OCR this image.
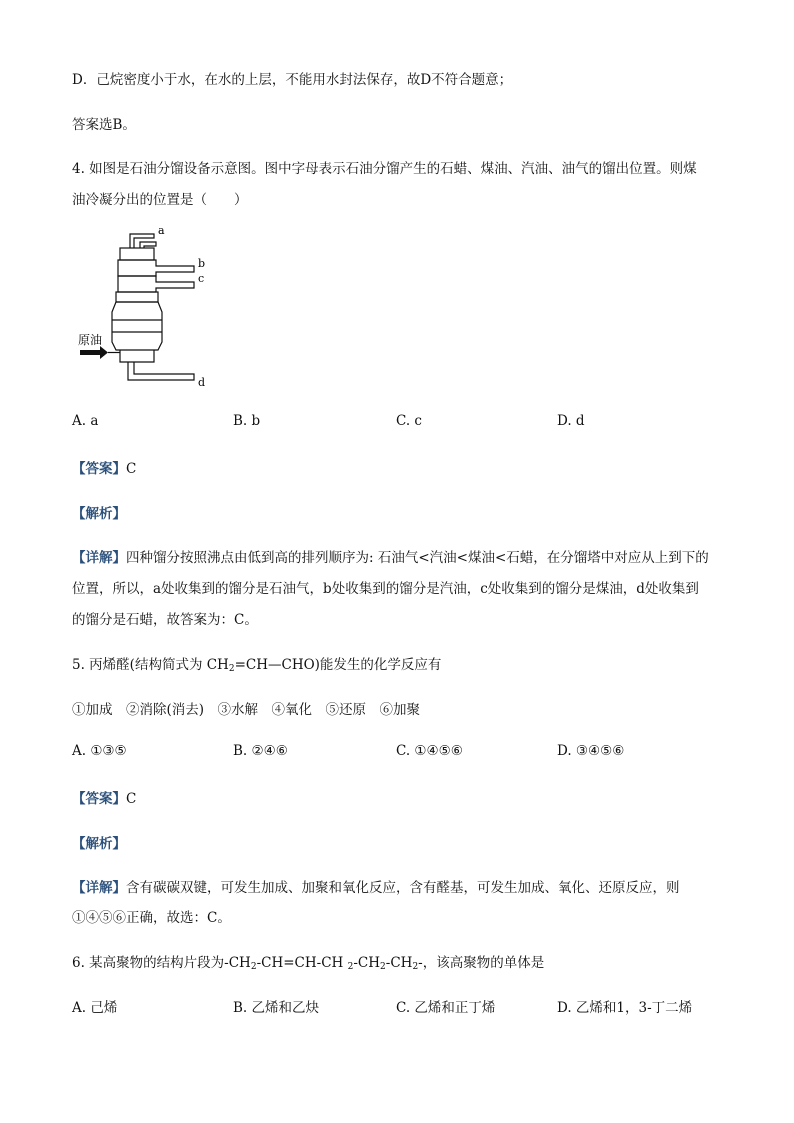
D．己烷密度小于水，在水的上层，不能用水封法保存，故D不符合题意；
答案选B。
4. 如图是石油分馏设备示意图。图中字母表示石油分馏产生的石蜡、煤油、汽油、油气的馏出位置。则煤
油冷凝分出的位置是（　　）
原油
a
b
c
d
A. a	B. b	C. c	D. d
【答案】C
【解析】
【详解】四种馏分按照沸点由低到高的排列顺序为: 石油气<汽油<煤油<石蜡，在分馏塔中对应从上到下的
位置，所以，a处收集到的馏分是石油气，b处收集到的馏分是汽油，c处收集到的馏分是煤油，d处收集到
的馏分是石蜡，故答案为：C。
5. 丙烯醛(结构简式为 $CH_2=CH—CHO$)能发生的化学反应有
①加成　②消除(消去)　③水解　④氧化　⑤还原　⑥加聚
A. ①③⑤	B. ②④⑥	C. ①④⑤⑥	D. ③④⑤⑥
【答案】C
【解析】
【详解】含有碳碳双键，可发生加成、加聚和氧化反应，含有醛基，可发生加成、氧化、还原反应，则
①④⑤⑥正确，故选：C。
6. 某高聚物的结构片段为$-CH_2-CH=CH-CH$ $_2-CH_2-CH_2-$，该高聚物的单体是
A. 己烯	B. 乙烯和乙炔	C. 乙烯和正丁烯	D. 乙烯和1，3-丁二烯
